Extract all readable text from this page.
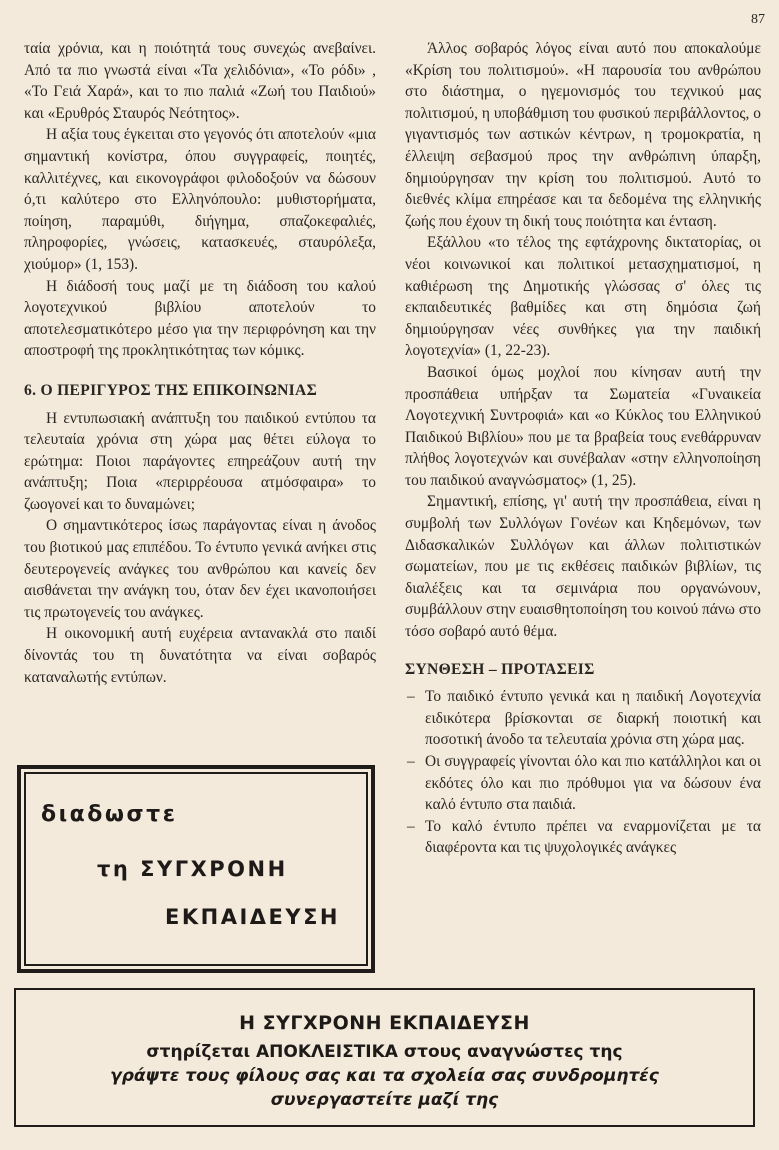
87

ταία χρόνια, και η ποιότητά τους συνεχώς ανεβαίνει. Από τα πιο γνωστά είναι «Τα χελιδόνια», «Το ρόδι» , «Το Γειά Χαρά», και το πιο παλιά «Ζωή του Παιδιού» και «Ερυθρός Σταυρός Νεότητος».

Η αξία τους έγκειται στο γεγονός ότι αποτελούν «μια σημαντική κονίστρα, όπου συγγραφείς, ποιητές, καλλιτέχνες, και εικονογράφοι φιλοδοξούν να δώσουν ό,τι καλύτερο στο Ελληνόπουλο: μυθιστορήματα, ποίηση, παραμύθι, διήγημα, σπαζοκεφαλιές, πληροφορίες, γνώσεις, κατασκευές, σταυρόλεξα, χιούμορ» (1, 153).

Η διάδοσή τους μαζί με τη διάδοση του καλού λογοτεχνικού βιβλίου αποτελούν το αποτελεσματικότερο μέσο για την περιφρόνηση και την αποστροφή της προκλητικότητας των κόμικς.

6. Ο ΠΕΡΙΓΥΡΟΣ ΤΗΣ ΕΠΙΚΟΙΝΩΝΙΑΣ

Η εντυπωσιακή ανάπτυξη του παιδικού εντύπου τα τελευταία χρόνια στη χώρα μας θέτει εύλογα το ερώτημα: Ποιοι παράγοντες επηρεάζουν αυτή την ανάπτυξη; Ποια «περιρρέουσα ατμόσφαιρα» το ζωογονεί και το δυναμώνει;

Ο σημαντικότερος ίσως παράγοντας είναι η άνοδος του βιοτικού μας επιπέδου. Το έντυπο γενικά ανήκει στις δευτερογενείς ανάγκες του ανθρώπου και κανείς δεν αισθάνεται την ανάγκη του, όταν δεν έχει ικανοποιήσει τις πρωτογενείς του ανάγκες.

Η οικονομική αυτή ευχέρεια αντανακλά στο παιδί δίνοντάς του τη δυνατότητα να είναι σοβαρός καταναλωτής εντύπων.

Άλλος σοβαρός λόγος είναι αυτό που αποκαλούμε «Κρίση του πολιτισμού». «Η παρουσία του ανθρώπου στο διάστημα, ο ηγεμονισμός του τεχνικού μας πολιτισμού, η υποβάθμιση του φυσικού περιβάλλοντος, ο γιγαντισμός των αστικών κέντρων, η τρομοκρατία, η έλλειψη σεβασμού προς την ανθρώπινη ύπαρξη, δημιούργησαν την κρίση του πολιτισμού. Αυτό το διεθνές κλίμα επηρέασε και τα δεδομένα της ελληνικής ζωής που έχουν τη δική τους ποιότητα και ένταση.

Εξάλλου «το τέλος της εφτάχρονης δικτατορίας, οι νέοι κοινωνικοί και πολιτικοί μετασχηματισμοί, η καθιέρωση της Δημοτικής γλώσσας σ' όλες τις εκπαιδευτικές βαθμίδες και στη δημόσια ζωή δημιούργησαν νέες συνθήκες για την παιδική λογοτεχνία» (1, 22-23).

Βασικοί όμως μοχλοί που κίνησαν αυτή την προσπάθεια υπήρξαν τα Σωματεία «Γυναικεία Λογοτεχνική Συντροφιά» και «ο Κύκλος του Ελληνικού Παιδικού Βιβλίου» που με τα βραβεία τους ενεθάρρυναν πλήθος λογοτεχνών και συνέβαλαν «στην ελληνοποίηση του παιδικού αναγνώσματος» (1, 25).

Σημαντική, επίσης, γι' αυτή την προσπάθεια, είναι η συμβολή των Συλλόγων Γονέων και Κηδεμόνων, των Διδασκαλικών Συλλόγων και άλλων πολιτιστικών σωματείων, που με τις εκθέσεις παιδικών βιβλίων, τις διαλέξεις και τα σεμινάρια που οργανώνουν, συμβάλλουν στην ευαισθητοποίηση του κοινού πάνω στο τόσο σοβαρό αυτό θέμα.

ΣΥΝΘΕΣΗ – ΠΡΟΤΑΣΕΙΣ
– Το παιδικό έντυπο γενικά και η παιδική Λογοτεχνία ειδικότερα βρίσκονται σε διαρκή ποιοτική και ποσοτική άνοδο τα τελευταία χρόνια στη χώρα μας.
– Οι συγγραφείς γίνονται όλο και πιο κατάλληλοι και οι εκδότες όλο και πιο πρόθυμοι για να δώσουν ένα καλό έντυπο στα παιδιά.
– Το καλό έντυπο πρέπει να εναρμονίζεται με τα διαφέροντα και τις ψυχολογικές ανάγκες
διαδωστε
τη ΣΥΓΧΡΟΝΗ
ΕΚΠΑΙΔΕΥΣΗ
Η ΣΥΓΧΡΟΝΗ ΕΚΠΑΙΔΕΥΣΗ
στηρίζεται ΑΠΟΚΛΕΙΣΤΙΚΑ στους αναγνώστες της
γράψτε τους φίλους σας και τα σχολεία σας συνδρομητές
συνεργαστείτε μαζί της
